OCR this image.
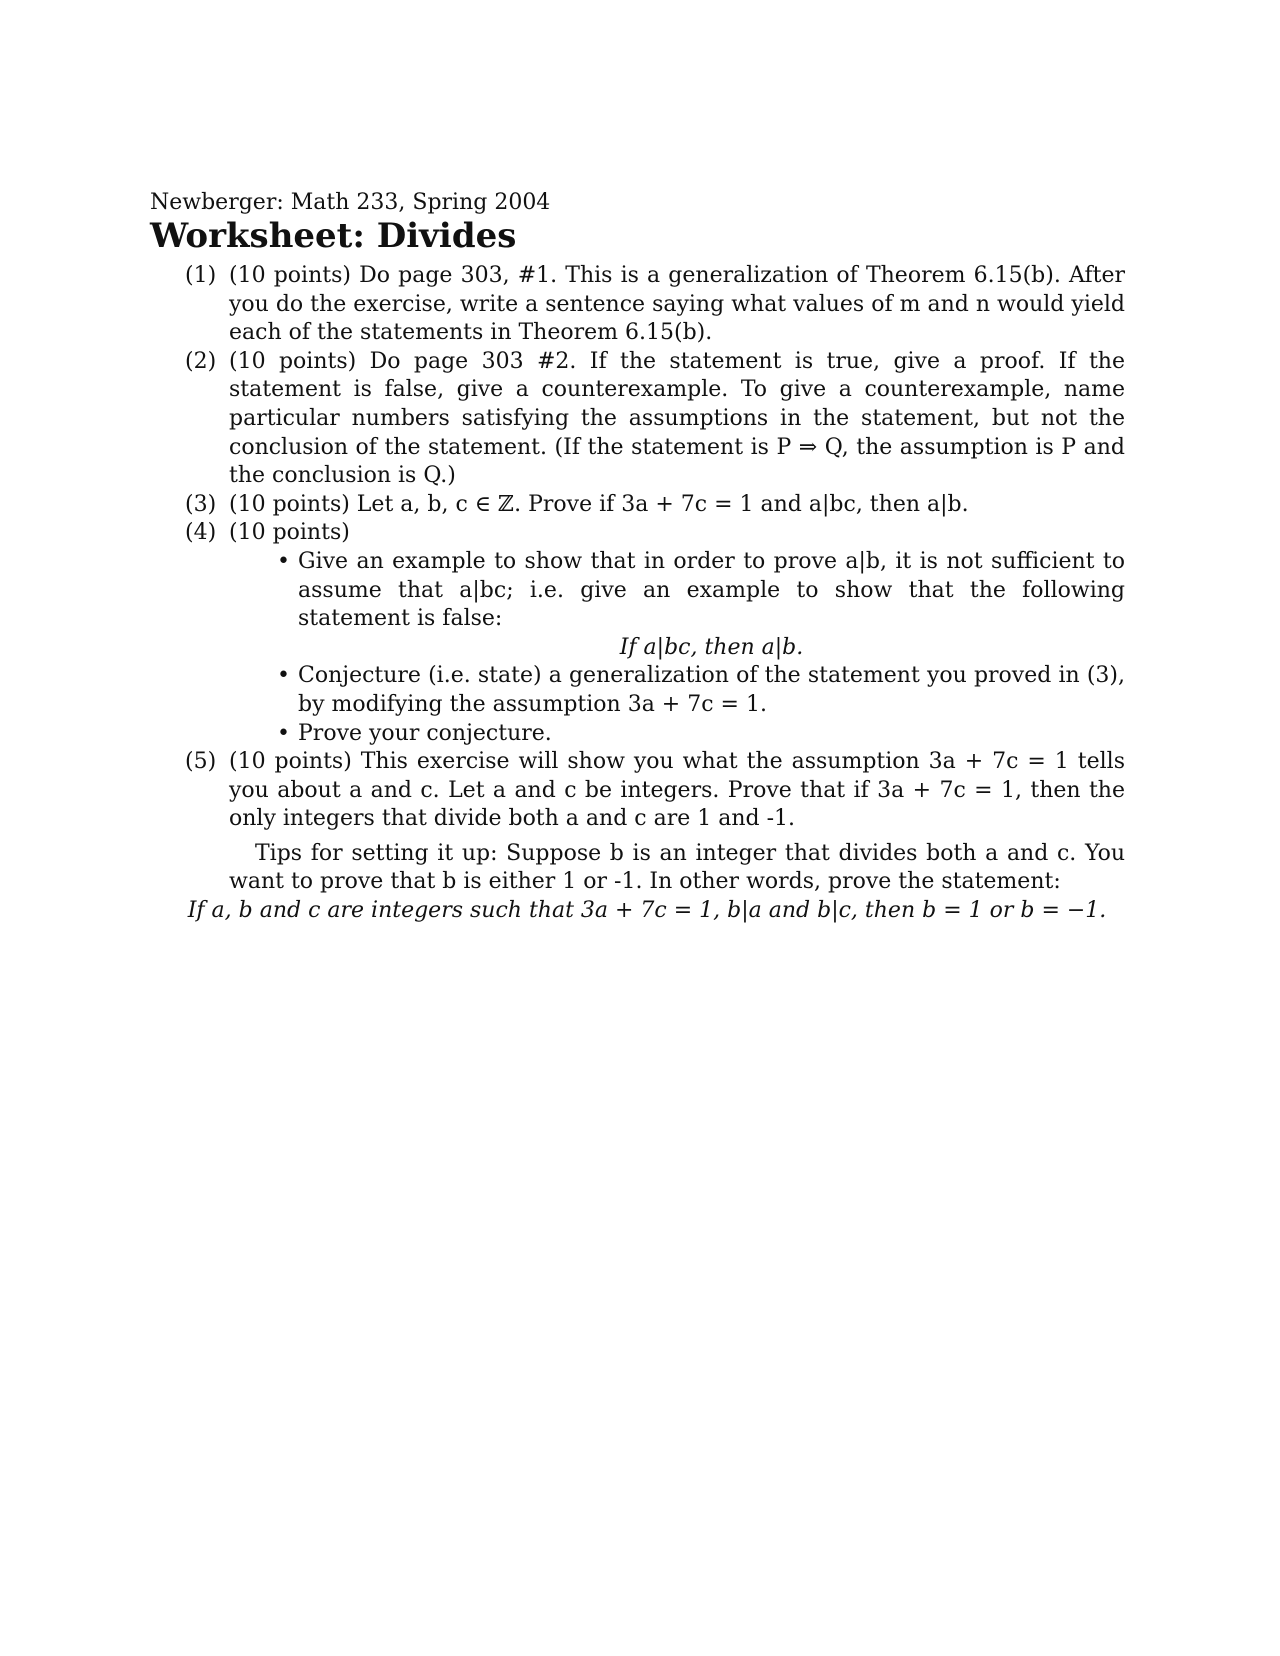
Newberger: Math 233, Spring 2004

Worksheet: Divides
(1) (10 points) Do page 303, #1. This is a generalization of Theorem 6.15(b). After you do the exercise, write a sentence saying what values of m and n would yield each of the statements in Theorem 6.15(b).
(2) (10 points) Do page 303 #2. If the statement is true, give a proof. If the statement is false, give a counterexample. To give a counterexample, name particular numbers satisfying the assumptions in the statement, but not the conclusion of the statement. (If the statement is P ⇒ Q, the assumption is P and the conclusion is Q.)
(3) (10 points) Let a, b, c ∈ ℤ. Prove if 3a + 7c = 1 and a|bc, then a|b.
(4) (10 points)
• Give an example to show that in order to prove a|b, it is not sufficient to assume that a|bc; i.e. give an example to show that the following statement is false:
If a|bc, then a|b.
• Conjecture (i.e. state) a generalization of the statement you proved in (3), by modifying the assumption 3a + 7c = 1.
• Prove your conjecture.
(5) (10 points) This exercise will show you what the assumption 3a + 7c = 1 tells you about a and c. Let a and c be integers. Prove that if 3a + 7c = 1, then the only integers that divide both a and c are 1 and -1.
Tips for setting it up: Suppose b is an integer that divides both a and c. You want to prove that b is either 1 or -1. In other words, prove the statement:
If a, b and c are integers such that 3a + 7c = 1, b|a and b|c, then b = 1 or b = −1.
